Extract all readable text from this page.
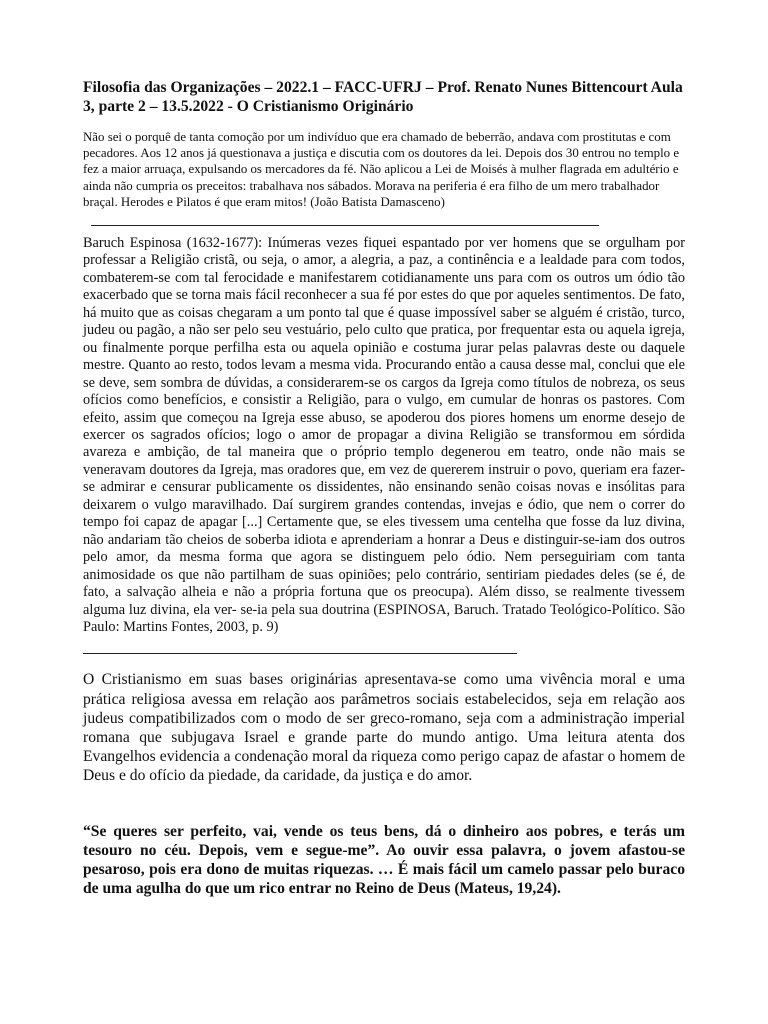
Filosofia das Organizações – 2022.1 – FACC-UFRJ – Prof. Renato Nunes Bittencourt Aula 3, parte 2 – 13.5.2022 - O Cristianismo Originário

Não sei o porquê de tanta comoção por um indivíduo que era chamado de beberrão, andava com prostitutas e com pecadores. Aos 12 anos já questionava a justiça e discutia com os doutores da lei. Depois dos 30 entrou no templo e fez a maior arruaça, expulsando os mercadores da fé. Não aplicou a Lei de Moisés à mulher flagrada em adultério e ainda não cumpria os preceitos: trabalhava nos sábados. Morava na periferia é era filho de um mero trabalhador braçal. Herodes e Pilatos é que eram mitos! (João Batista Damasceno)

Baruch Espinosa (1632-1677): Inúmeras vezes fiquei espantado por ver homens que se orgulham por professar a Religião cristã, ou seja, o amor, a alegria, a paz, a continência e a lealdade para com todos, combaterem-se com tal ferocidade e manifestarem cotidianamente uns para com os outros um ódio tão exacerbado que se torna mais fácil reconhecer a sua fé por estes do que por aqueles sentimentos. De fato, há muito que as coisas chegaram a um ponto tal que é quase impossível saber se alguém é cristão, turco, judeu ou pagão, a não ser pelo seu vestuário, pelo culto que pratica, por frequentar esta ou aquela igreja, ou finalmente porque perfilha esta ou aquela opinião e costuma jurar pelas palavras deste ou daquele mestre. Quanto ao resto, todos levam a mesma vida. Procurando então a causa desse mal, conclui que ele se deve, sem sombra de dúvidas, a considerarem-se os cargos da Igreja como títulos de nobreza, os seus ofícios como benefícios, e consistir a Religião, para o vulgo, em cumular de honras os pastores. Com efeito, assim que começou na Igreja esse abuso, se apoderou dos piores homens um enorme desejo de exercer os sagrados ofícios; logo o amor de propagar a divina Religião se transformou em sórdida avareza e ambição, de tal maneira que o próprio templo degenerou em teatro, onde não mais se veneravam doutores da Igreja, mas oradores que, em vez de quererem instruir o povo, queriam era fazer-se admirar e censurar publicamente os dissidentes, não ensinando senão coisas novas e insólitas para deixarem o vulgo maravilhado. Daí surgirem grandes contendas, invejas e ódio, que nem o correr do tempo foi capaz de apagar [...] Certamente que, se eles tivessem uma centelha que fosse da luz divina, não andariam tão cheios de soberba idiota e aprenderiam a honrar a Deus e distinguir-se-iam dos outros pelo amor, da mesma forma que agora se distinguem pelo ódio. Nem perseguiriam com tanta animosidade os que não partilham de suas opiniões; pelo contrário, sentiriam piedades deles (se é, de fato, a salvação alheia e não a própria fortuna que os preocupa). Além disso, se realmente tivessem alguma luz divina, ela ver- se-ia pela sua doutrina (ESPINOSA, Baruch. Tratado Teológico-Político. São Paulo: Martins Fontes, 2003, p. 9)

O Cristianismo em suas bases originárias apresentava-se como uma vivência moral e uma prática religiosa avessa em relação aos parâmetros sociais estabelecidos, seja em relação aos judeus compatibilizados com o modo de ser greco-romano, seja com a administração imperial romana que subjugava Israel e grande parte do mundo antigo. Uma leitura atenta dos Evangelhos evidencia a condenação moral da riqueza como perigo capaz de afastar o homem de Deus e do ofício da piedade, da caridade, da justiça e do amor.

“Se queres ser perfeito, vai, vende os teus bens, dá o dinheiro aos pobres, e terás um tesouro no céu. Depois, vem e segue-me”. Ao ouvir essa palavra, o jovem afastou-se pesaroso, pois era dono de muitas riquezas. … É mais fácil um camelo passar pelo buraco de uma agulha do que um rico entrar no Reino de Deus (Mateus, 19,24).
